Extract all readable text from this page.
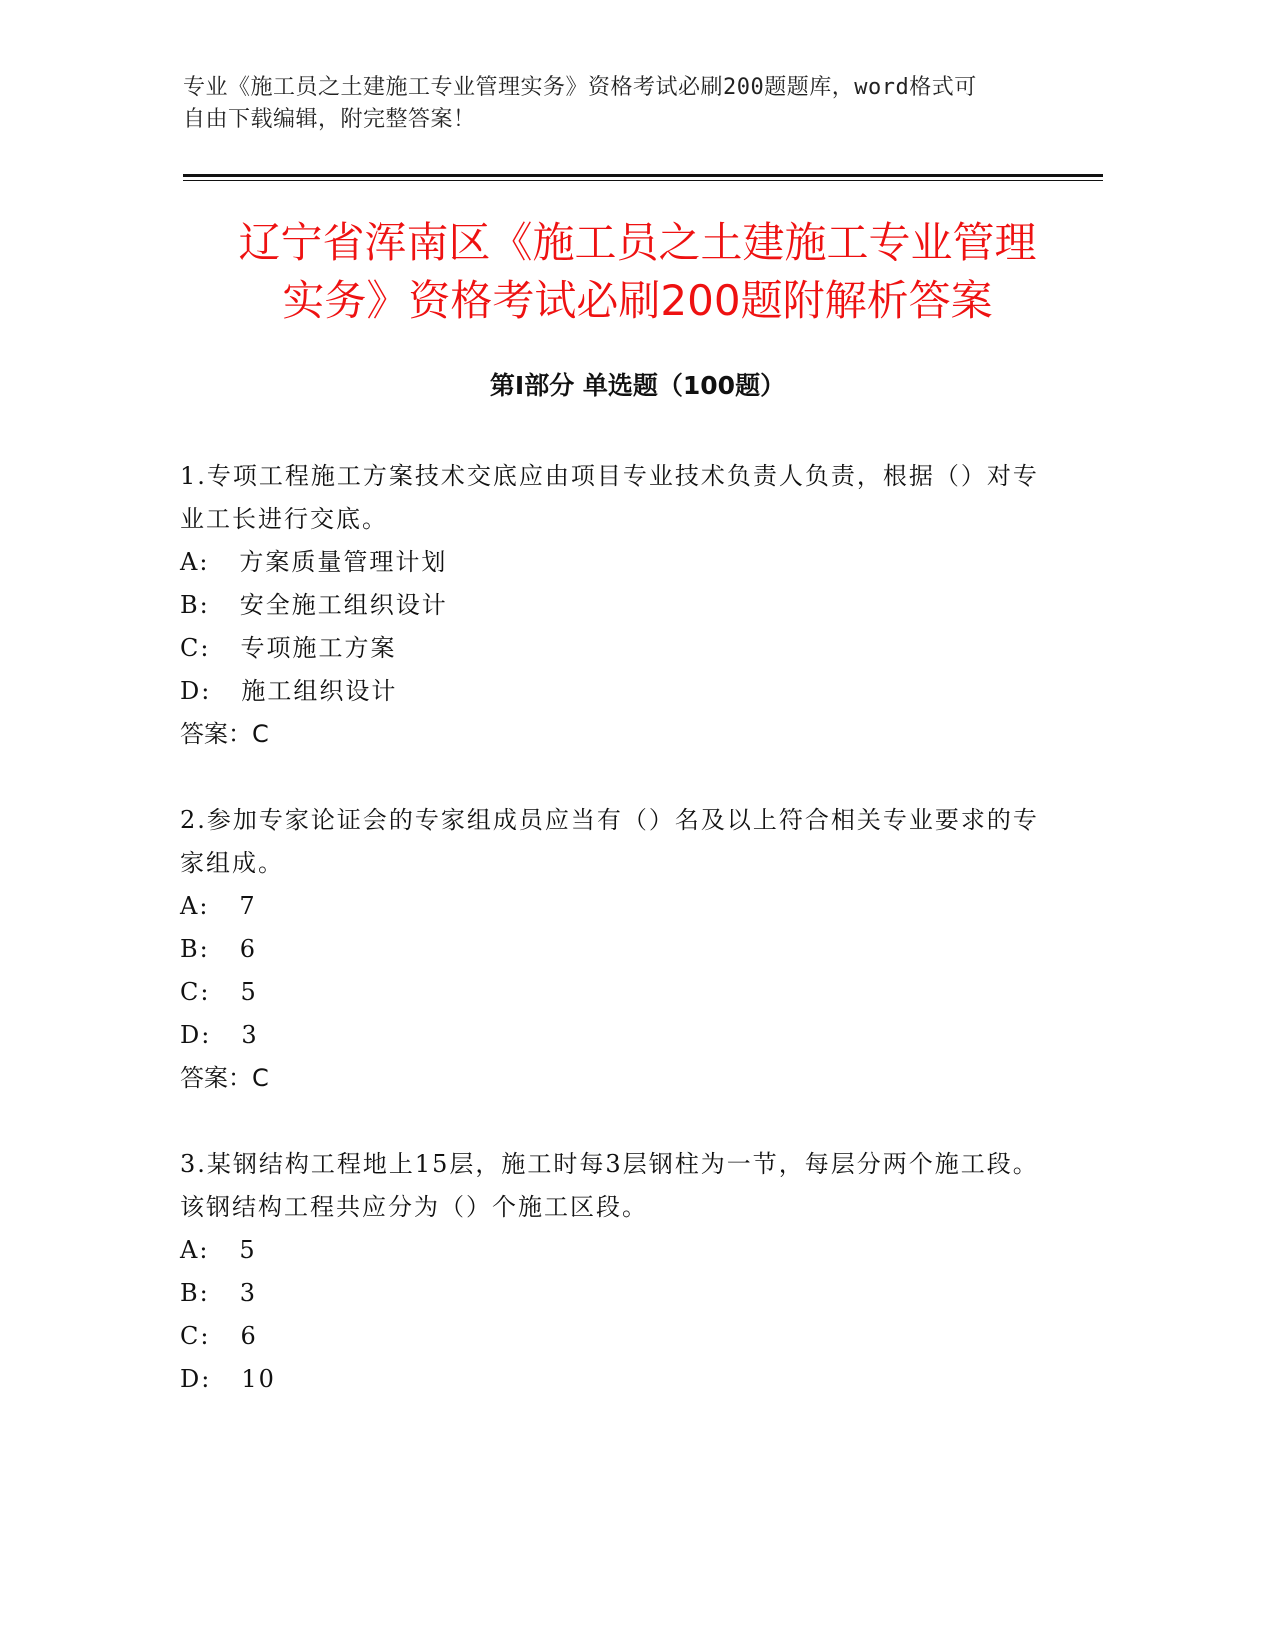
专业《施工员之土建施工专业管理实务》资格考试必刷200题题库，word格式可
自由下载编辑，附完整答案！
辽宁省浑南区《施工员之土建施工专业管理
实务》资格考试必刷200题附解析答案
第Ⅰ部分 单选题（100题）

1.专项工程施工方案技术交底应由项目专业技术负责人负责，根据（）对专业工长进行交底。

A: 方案质量管理计划

B: 安全施工组织设计

C: 专项施工方案

D: 施工组织设计

答案：C

2.参加专家论证会的专家组成员应当有（）名及以上符合相关专业要求的专家组成。

A: 7

B: 6

C: 5

D: 3

答案：C

3.某钢结构工程地上15层，施工时每3层钢柱为一节，每层分两个施工段。该钢结构工程共应分为（）个施工区段。

A: 5

B: 3

C: 6

D: 10
